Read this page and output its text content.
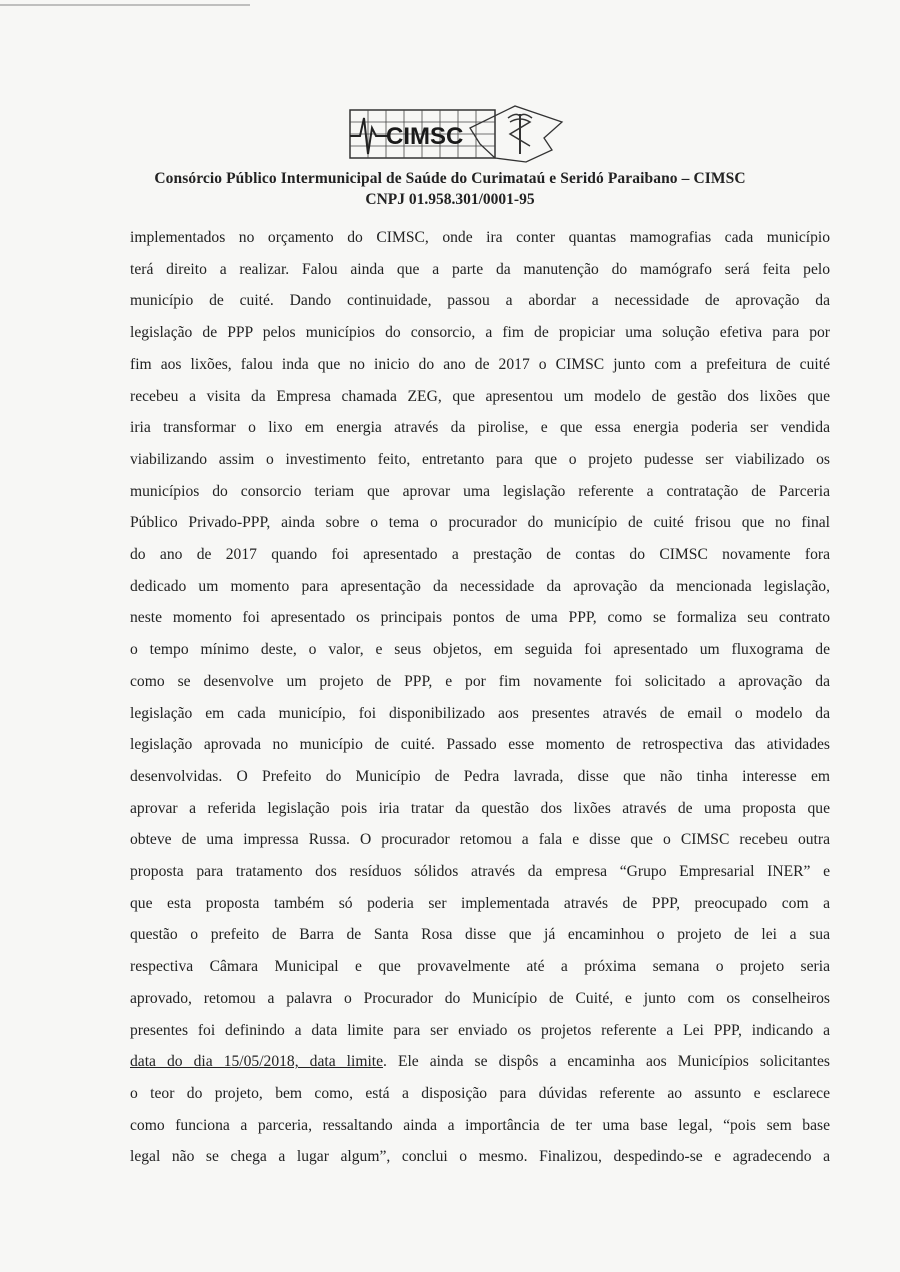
CIMSC
Consórcio Público Intermunicipal de Saúde do Curimataú e Seridó Paraibano – CIMSC
CNPJ 01.958.301/0001-95
implementados no orçamento do CIMSC, onde ira conter quantas mamografias cada município
terá direito a realizar. Falou ainda que a parte da manutenção do mamógrafo será feita pelo
município de cuité. Dando continuidade, passou a abordar a necessidade de aprovação da
legislação de PPP pelos municípios do consorcio, a fim de propiciar uma solução efetiva para por
fim aos lixões, falou inda que no inicio do ano de 2017 o CIMSC junto com a prefeitura de cuité
recebeu a visita da Empresa chamada ZEG, que apresentou um modelo de gestão dos lixões que
iria transformar o lixo em energia através da pirolise, e que essa energia poderia ser vendida
viabilizando assim o investimento feito, entretanto para que o projeto pudesse ser viabilizado os
municípios do consorcio teriam que aprovar uma legislação referente a contratação de Parceria
Público Privado-PPP, ainda sobre o tema o procurador do município de cuité frisou que no final
do ano de 2017 quando foi apresentado a prestação de contas do CIMSC novamente fora
dedicado um momento para apresentação da necessidade da aprovação da mencionada legislação,
neste momento foi apresentado os principais pontos de uma PPP, como se formaliza seu contrato
o tempo mínimo deste, o valor, e seus objetos, em seguida foi apresentado um fluxograma de
como se desenvolve um projeto de PPP, e por fim novamente foi solicitado a aprovação da
legislação em cada município, foi disponibilizado aos presentes através de email o modelo da
legislação aprovada no município de cuité. Passado esse momento de retrospectiva das atividades
desenvolvidas. O Prefeito do Município de Pedra lavrada, disse que não tinha interesse em
aprovar a referida legislação pois iria tratar da questão dos lixões através de uma proposta que
obteve de uma impressa Russa. O procurador retomou a fala e disse que o CIMSC recebeu outra
proposta para tratamento dos resíduos sólidos através da empresa “Grupo Empresarial INER” e
que esta proposta também só poderia ser implementada através de PPP, preocupado com a
questão o prefeito de Barra de Santa Rosa disse que já encaminhou o projeto de lei a sua
respectiva Câmara Municipal e que provavelmente até a próxima semana o projeto seria
aprovado, retomou a palavra o Procurador do Município de Cuité, e junto com os conselheiros
presentes foi definindo a data limite para ser enviado os projetos referente a Lei PPP, indicando a
data do dia 15/05/2018, data limite. Ele ainda se dispôs a encaminha aos Municípios solicitantes
o teor do projeto, bem como, está a disposição para dúvidas referente ao assunto e esclarece
como funciona a parceria, ressaltando ainda a importância de ter uma base legal, “pois sem base
legal não se chega a lugar algum”, conclui o mesmo. Finalizou, despedindo-se e agradecendo a
